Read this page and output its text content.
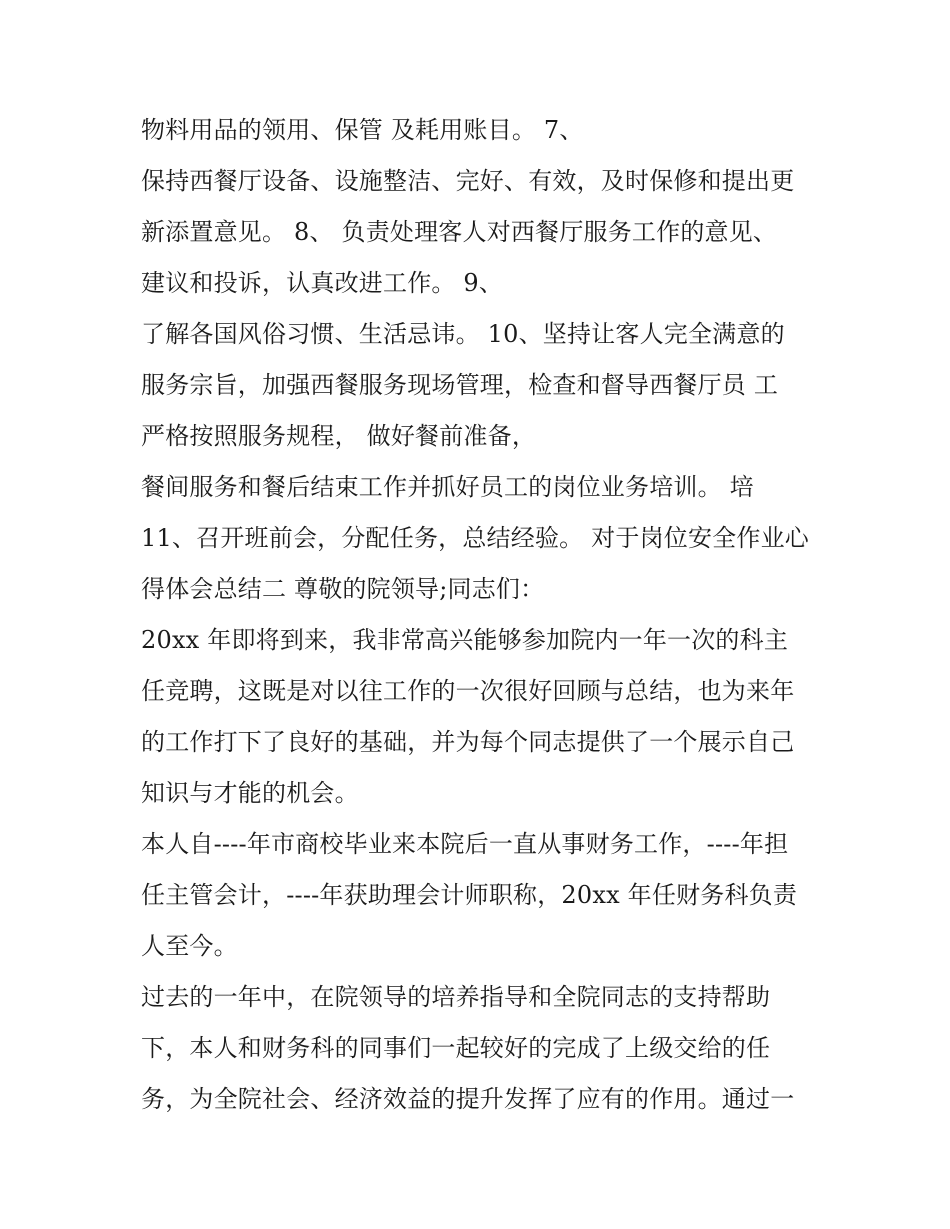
物料用品的领用、保管 及耗用账目。 7、
保持西餐厅设备、设施整洁、完好、有效，及时保修和提出更
新添置意见。 8、 负责处理客人对西餐厅服务工作的意见、
建议和投诉，认真改进工作。 9、
了解各国风俗习惯、生活忌讳。 10、坚持让客人完全满意的
服务宗旨，加强西餐服务现场管理，检查和督导西餐厅员 工
严格按照服务规程， 做好餐前准备，
餐间服务和餐后结束工作并抓好员工的岗位业务培训。 培
11、召开班前会，分配任务，总结经验。 对于岗位安全作业心
得体会总结二 尊敬的院领导;同志们：
20xx 年即将到来，我非常高兴能够参加院内一年一次的科主
任竞聘，这既是对以往工作的一次很好回顾与总结，也为来年
的工作打下了良好的基础，并为每个同志提供了一个展示自己
知识与才能的机会。
本人自----年市商校毕业来本院后一直从事财务工作，----年担
任主管会计，----年获助理会计师职称，20xx 年任财务科负责
人至今。
过去的一年中，在院领导的培养指导和全院同志的支持帮助
下，本人和财务科的同事们一起较好的完成了上级交给的任
务，为全院社会、经济效益的提升发挥了应有的作用。通过一
